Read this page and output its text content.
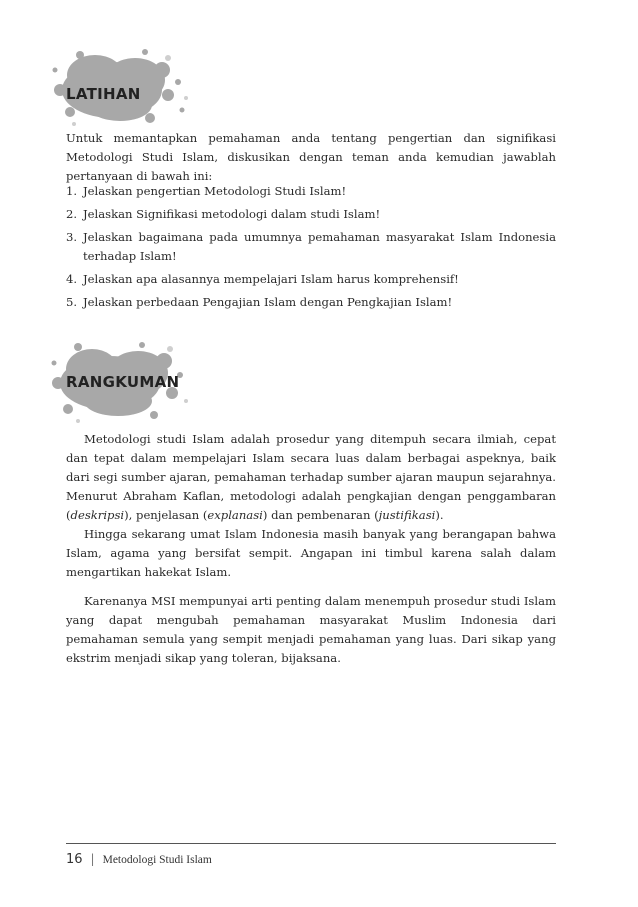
LATIHAN

Untuk memantapkan pemahaman anda tentang pengertian dan signifikasi Metodologi Studi Islam, diskusikan dengan teman anda kemudian jawablah pertanyaan di bawah ini:

1. Jelaskan pengertian Metodologi Studi Islam!
2. Jelaskan Signifikasi metodologi dalam studi Islam!
3. Jelaskan bagaimana pada umumnya pemahaman masyarakat Islam Indonesia terhadap Islam!
4. Jelaskan apa alasannya mempelajari Islam harus komprehensif!
5. Jelaskan perbedaan Pengajian Islam dengan Pengkajian Islam!
RANGKUMAN

Metodologi studi Islam adalah prosedur yang ditempuh secara ilmiah, cepat dan tepat dalam mempelajari Islam secara luas dalam berbagai aspeknya, baik dari segi sumber ajaran, pemahaman terhadap sumber ajaran maupun sejarahnya. Menurut Abraham Kaflan, metodologi adalah pengkajian dengan penggambaran (deskripsi), penjelasan (explanasi) dan pembenaran (justifikasi).

Hingga sekarang umat Islam Indonesia masih banyak yang berangapan bahwa Islam, agama yang bersifat sempit. Angapan ini timbul karena salah dalam mengartikan hakekat Islam.

Karenanya MSI mempunyai arti penting dalam menempuh prosedur studi Islam yang dapat mengubah pemahaman masyarakat Muslim Indonesia dari pemahaman semula yang sempit menjadi pemahaman yang luas. Dari sikap yang ekstrim menjadi sikap yang toleran, bijaksana.

16 | Metodologi Studi Islam
